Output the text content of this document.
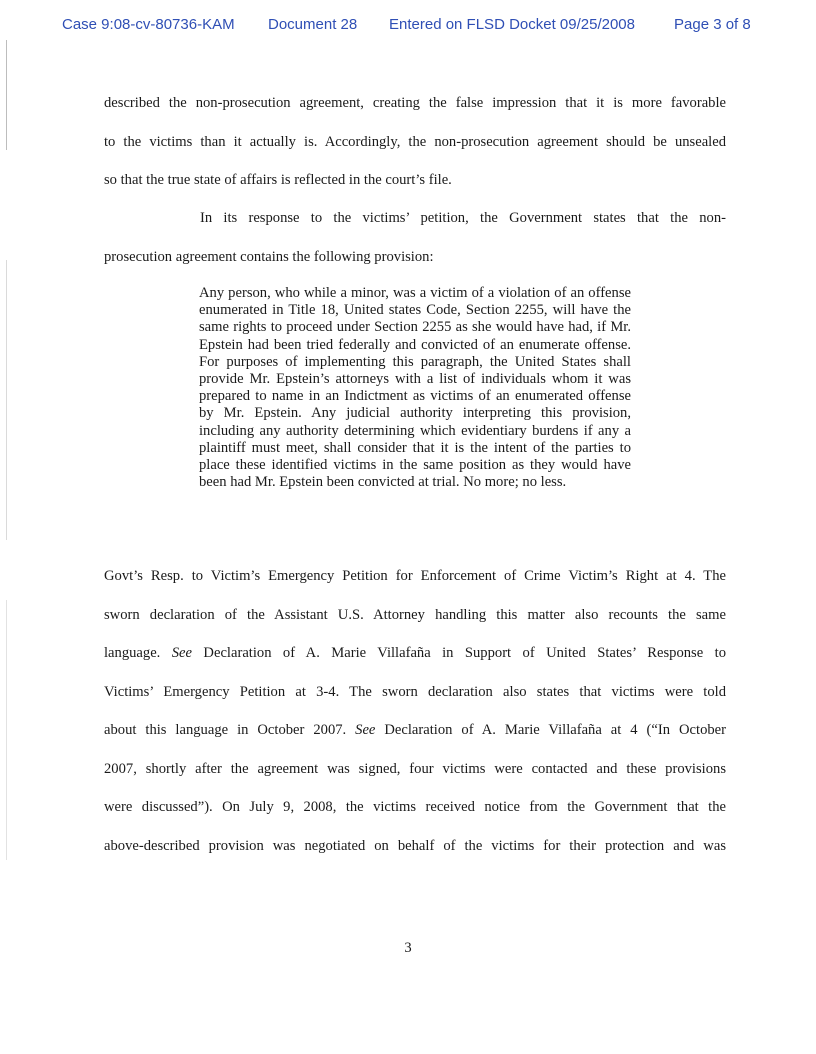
Case 9:08-cv-80736-KAM Document 28 Entered on FLSD Docket 09/25/2008	Page 3 of 8
described the non-prosecution agreement, creating the false impression that it is more favorable
to the victims than it actually is. Accordingly, the non-prosecution agreement should be unsealed
so that the true state of affairs is reflected in the court’s file.
In its response to the victims’ petition, the Government states that the non-
prosecution agreement contains the following provision:

Any person, who while a minor, was a victim of a violation of an offense enumerated in Title 18, United states Code, Section 2255, will have the same rights to proceed under Section 2255 as she would have had, if Mr. Epstein had been tried federally and convicted of an enumerate offense. For purposes of implementing this paragraph, the United States shall provide Mr. Epstein’s attorneys with a list of individuals whom it was prepared to name in an Indictment as victims of an enumerated offense by Mr. Epstein. Any judicial authority interpreting this provision, including any authority determining which evidentiary burdens if any a plaintiff must meet, shall consider that it is the intent of the parties to place these identified victims in the same position as they would have been had Mr. Epstein been convicted at trial. No more; no less.

Govt’s Resp. to Victim’s Emergency Petition for Enforcement of Crime Victim’s Right at 4. The
sworn declaration of the Assistant U.S. Attorney handling this matter also recounts the same
language. See Declaration of A. Marie Villafaña in Support of United States’ Response to
Victims’ Emergency Petition at 3-4. The sworn declaration also states that victims were told
about this language in October 2007. See Declaration of A. Marie Villafaña at 4 (“In October
2007, shortly after the agreement was signed, four victims were contacted and these provisions
were discussed”). On July 9, 2008, the victims received notice from the Government that the
above-described provision was negotiated on behalf of the victims for their protection and was
3
